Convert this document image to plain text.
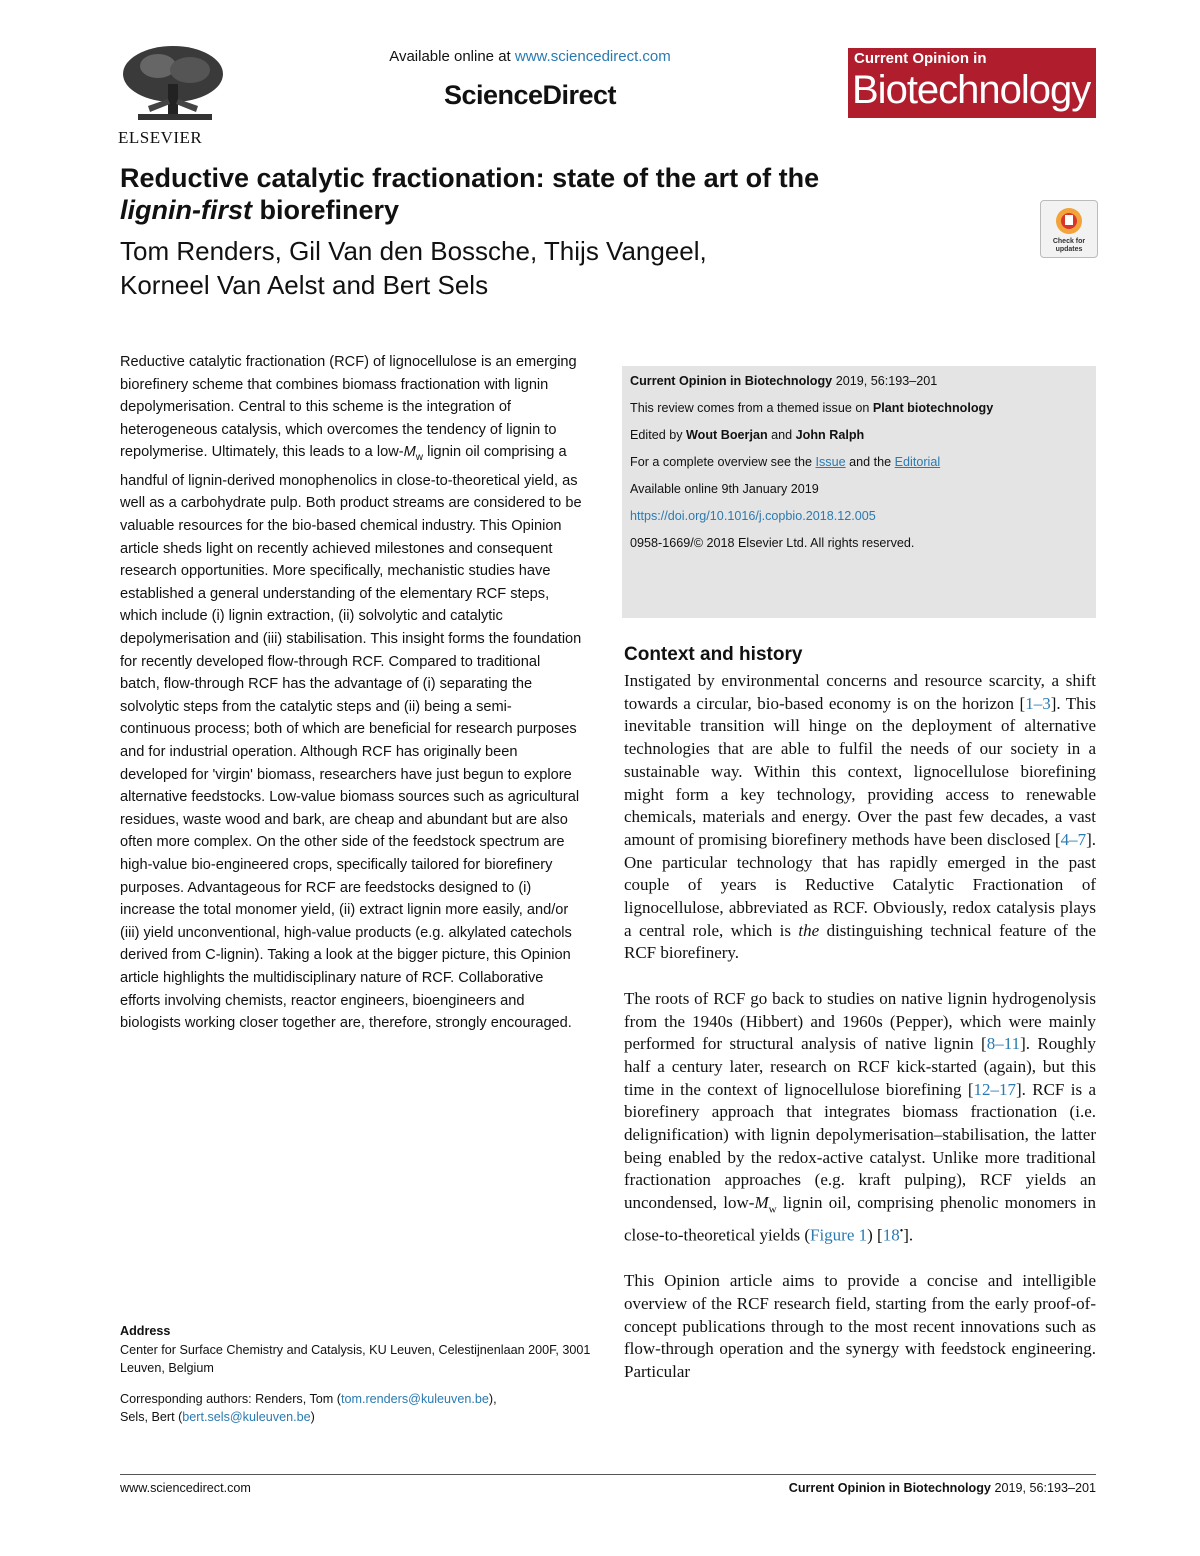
ELSEVIER
Available online at www.sciencedirect.com
ScienceDirect
Current Opinion in
Biotechnology
Reductive catalytic fractionation: state of the art of the
lignin-first biorefinery
Tom Renders, Gil Van den Bossche, Thijs Vangeel,
Korneel Van Aelst and Bert Sels
Check for
updates

Reductive catalytic fractionation (RCF) of lignocellulose is an emerging biorefinery scheme that combines biomass fractionation with lignin depolymerisation. Central to this scheme is the integration of heterogeneous catalysis, which overcomes the tendency of lignin to repolymerise. Ultimately, this leads to a low-$M_w$ lignin oil comprising a handful of lignin-derived monophenolics in close-to-theoretical yield, as well as a carbohydrate pulp. Both product streams are considered to be valuable resources for the bio-based chemical industry. This Opinion article sheds light on recently achieved milestones and consequent research opportunities. More specifically, mechanistic studies have established a general understanding of the elementary RCF steps, which include (i) lignin extraction, (ii) solvolytic and catalytic depolymerisation and (iii) stabilisation. This insight forms the foundation for recently developed flow-through RCF. Compared to traditional batch, flow-through RCF has the advantage of (i) separating the solvolytic steps from the catalytic steps and (ii) being a semi-continuous process; both of which are beneficial for research purposes and for industrial operation. Although RCF has originally been developed for 'virgin' biomass, researchers have just begun to explore alternative feedstocks. Low-value biomass sources such as agricultural residues, waste wood and bark, are cheap and abundant but are also often more complex. On the other side of the feedstock spectrum are high-value bio-engineered crops, specifically tailored for biorefinery purposes. Advantageous for RCF are feedstocks designed to (i) increase the total monomer yield, (ii) extract lignin more easily, and/or (iii) yield unconventional, high-value products (e.g. alkylated catechols derived from C-lignin). Taking a look at the bigger picture, this Opinion article highlights the multidisciplinary nature of RCF. Collaborative efforts involving chemists, reactor engineers, bioengineers and biologists working closer together are, therefore, strongly encouraged.

Address

Center for Surface Chemistry and Catalysis, KU Leuven, Celestijnenlaan 200F, 3001 Leuven, Belgium

Corresponding authors: Renders, Tom (tom.renders@kuleuven.be),
Sels, Bert (bert.sels@kuleuven.be)

Current Opinion in Biotechnology 2019, 56:193–201

This review comes from a themed issue on Plant biotechnology

Edited by Wout Boerjan and John Ralph

For a complete overview see the Issue and the Editorial

Available online 9th January 2019

https://doi.org/10.1016/j.copbio.2018.12.005

0958-1669/© 2018 Elsevier Ltd. All rights reserved.

Context and history

Instigated by environmental concerns and resource scarcity, a shift towards a circular, bio-based economy is on the horizon [1–3]. This inevitable transition will hinge on the deployment of alternative technologies that are able to fulfil the needs of our society in a sustainable way. Within this context, lignocellulose biorefining might form a key technology, providing access to renewable chemicals, materials and energy. Over the past few decades, a vast amount of promising biorefinery methods have been disclosed [4–7]. One particular technology that has rapidly emerged in the past couple of years is Reductive Catalytic Fractionation of lignocellulose, abbreviated as RCF. Obviously, redox catalysis plays a central role, which is the distinguishing technical feature of the RCF biorefinery.

The roots of RCF go back to studies on native lignin hydrogenolysis from the 1940s (Hibbert) and 1960s (Pepper), which were mainly performed for structural analysis of native lignin [8–11]. Roughly half a century later, research on RCF kick-started (again), but this time in the context of lignocellulose biorefining [12–17]. RCF is a biorefinery approach that integrates biomass fractionation (i.e. delignification) with lignin depolymerisation–stabilisation, the latter being enabled by the redox-active catalyst. Unlike more traditional fractionation approaches (e.g. kraft pulping), RCF yields an uncondensed, low-$M_w$ lignin oil, comprising phenolic monomers in close-to-theoretical yields (Figure 1) [18•].

This Opinion article aims to provide a concise and intelligible overview of the RCF research field, starting from the early proof-of-concept publications through to the most recent innovations such as flow-through operation and the synergy with feedstock engineering. Particular

www.sciencedirect.com	Current Opinion in Biotechnology 2019, 56:193–201
